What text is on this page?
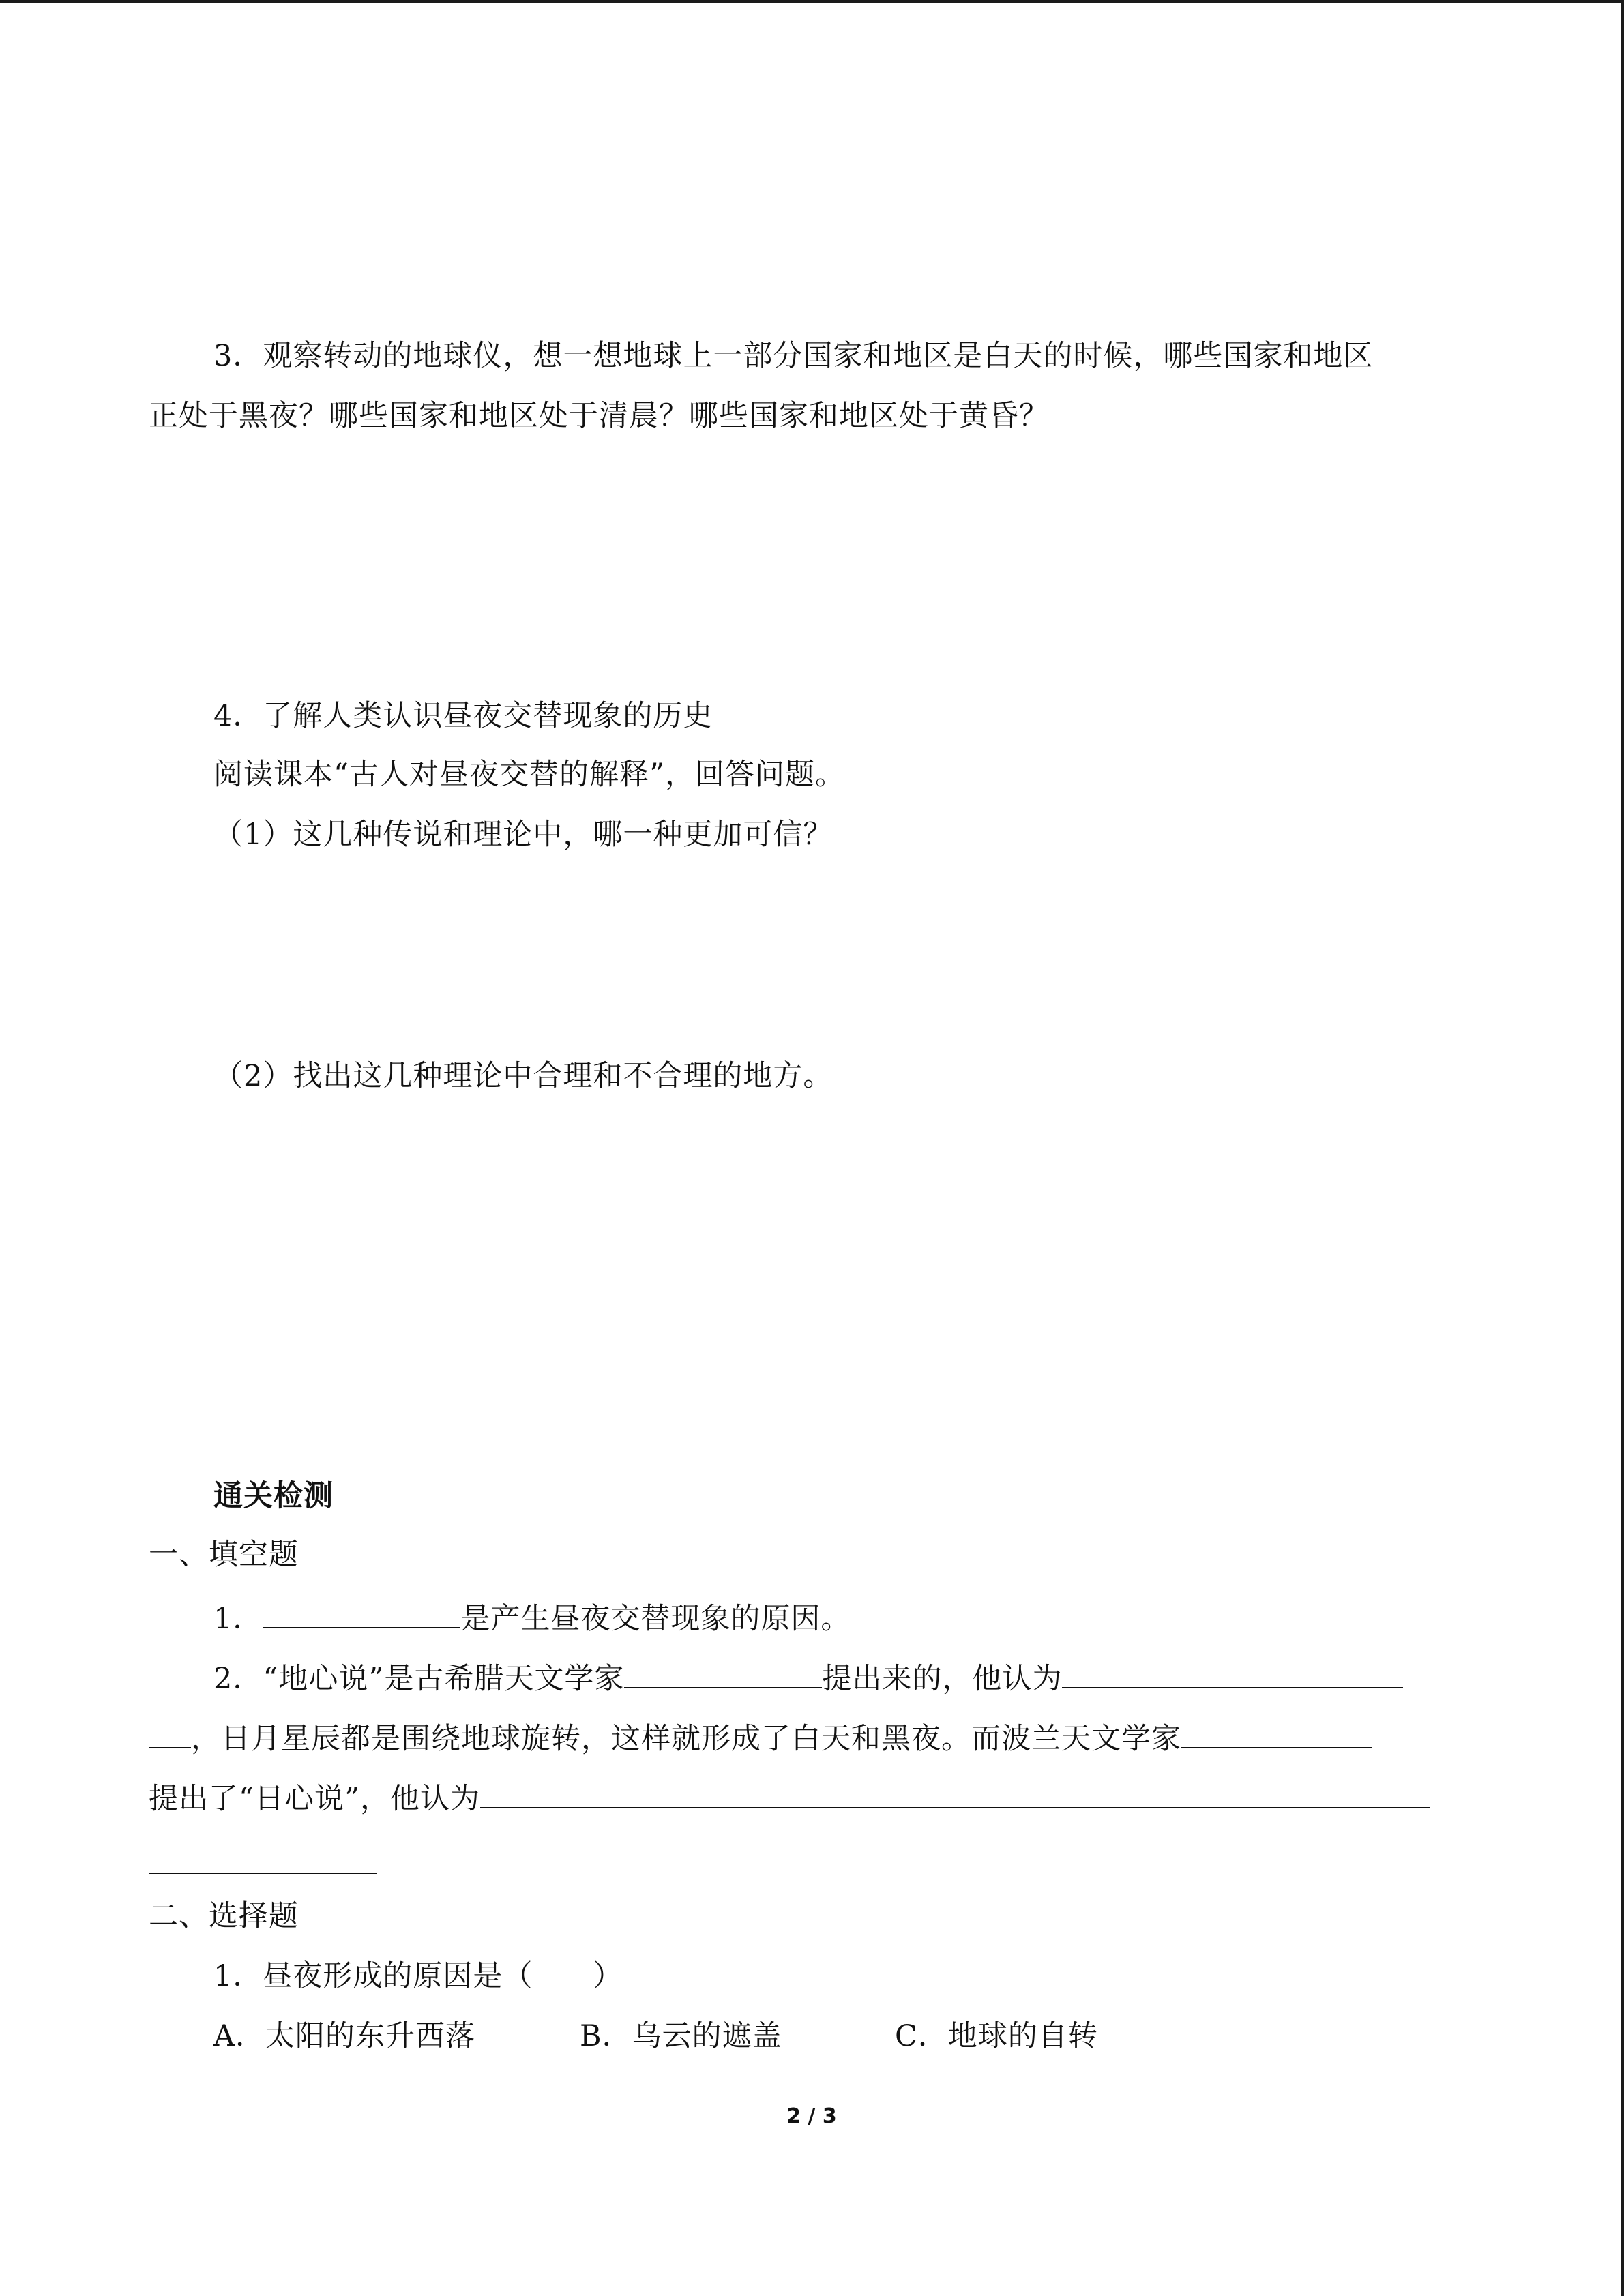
3．观察转动的地球仪，想一想地球上一部分国家和地区是白天的时候，哪些国家和地区
正处于黑夜？哪些国家和地区处于清晨？哪些国家和地区处于黄昏？
4．了解人类认识昼夜交替现象的历史
阅读课本“古人对昼夜交替的解释”，回答问题。
（1）这几种传说和理论中，哪一种更加可信？
（2）找出这几种理论中合理和不合理的地方。
通关检测
一、填空题
1．	是产生昼夜交替现象的原因。
2．“地心说”是古希腊天文学家	提出来的，他认为
，日月星辰都是围绕地球旋转，这样就形成了白天和黑夜。而波兰天文学家
提出了“日心说”，他认为
二、选择题
1．昼夜形成的原因是（　　）
A．太阳的东升西落	B．乌云的遮盖	C．地球的自转
2 / 3
